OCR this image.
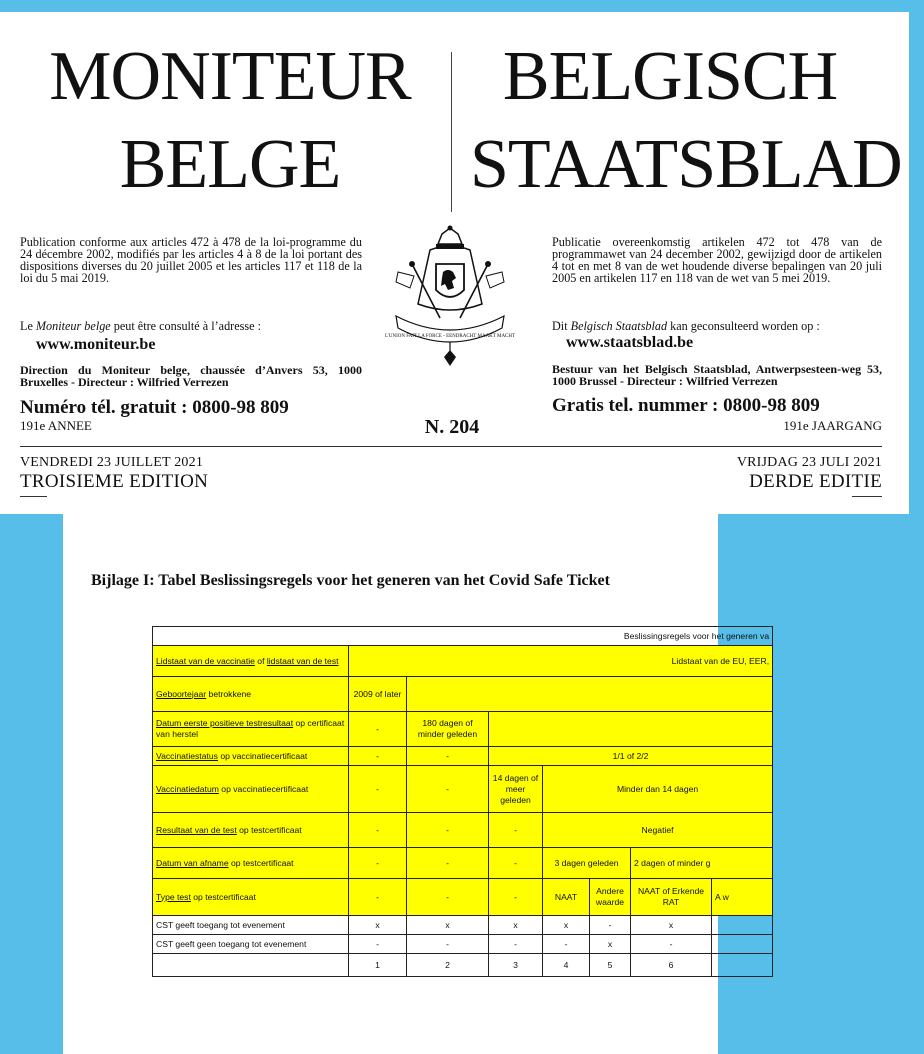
MONITEUR
BELGE
BELGISCH
STAATSBLAD
Publication conforme aux articles 472 à 478 de la loi-programme du 24 décembre 2002, modifiés par les articles 4 à 8 de la loi portant des dispositions diverses du 20 juillet 2005 et les articles 117 et 118 de la loi du 5 mai 2019.
Publicatie overeenkomstig artikelen 472 tot 478 van de programmawet van 24 december 2002, gewijzigd door de artikelen 4 tot en met 8 van de wet houdende diverse bepalingen van 20 juli 2005 en artikelen 117 en 118 van de wet van 5 mei 2019.
Le Moniteur belge peut être consulté à l’adresse :	Dit Belgisch Staatsblad kan geconsulteerd worden op :
www.moniteur.be	www.staatsblad.be
Direction du Moniteur belge, chaussée d’Anvers 53, 1000 Bruxelles - Directeur : Wilfried Verrezen
Bestuur van het Belgisch Staatsblad, Antwerpsesteen-weg 53, 1000 Brussel - Directeur : Wilfried Verrezen
Numéro tél. gratuit : 0800-98 809	Gratis tel. nummer : 0800-98 809
191e ANNEE	191e JAARGANG
N. 204
VENDREDI 23 JUILLET 2021	VRIJDAG 23 JULI 2021
TROISIEME EDITION	DERDE EDITIE
L'UNION FAIT LA FORCE - EENDRACHT MAAKT MACHT
Bijlage I: Tabel Beslissingsregels voor het generen van het Covid Safe Ticket
Beslissingsregels voor het generen va							
Lidstaat van de vaccinatie of lidstaat van de test	Lidstaat van de EU, EER,						
Geboortejaar betrokkene	2009 of later						
Datum eerste positieve testresultaat op certificaat van herstel	-	180 dagen of minder geleden					
Vaccinatiestatus op vaccinatiecertificaat	-	-	1/1 of 2/2				
Vaccinatiedatum op vaccinatiecertificaat	-	-	14 dagen of meer geleden	Minder dan 14 dagen			
Resultaat van de test op testcertificaat	-	-	-	Negatief			
Datum van afname op testcertificaat	-	-	-	3 dagen geleden		2 dagen of minder g	
Type test op testcertificaat	-	-	-	NAAT	Andere waarde	NAAT of Erkende RAT	A w
CST geeft toegang tot evenement	x	x	x	x	-	x	
CST geeft geen toegang tot evenement	-	-	-	-	x	-	
	1	2	3	4	5	6	
